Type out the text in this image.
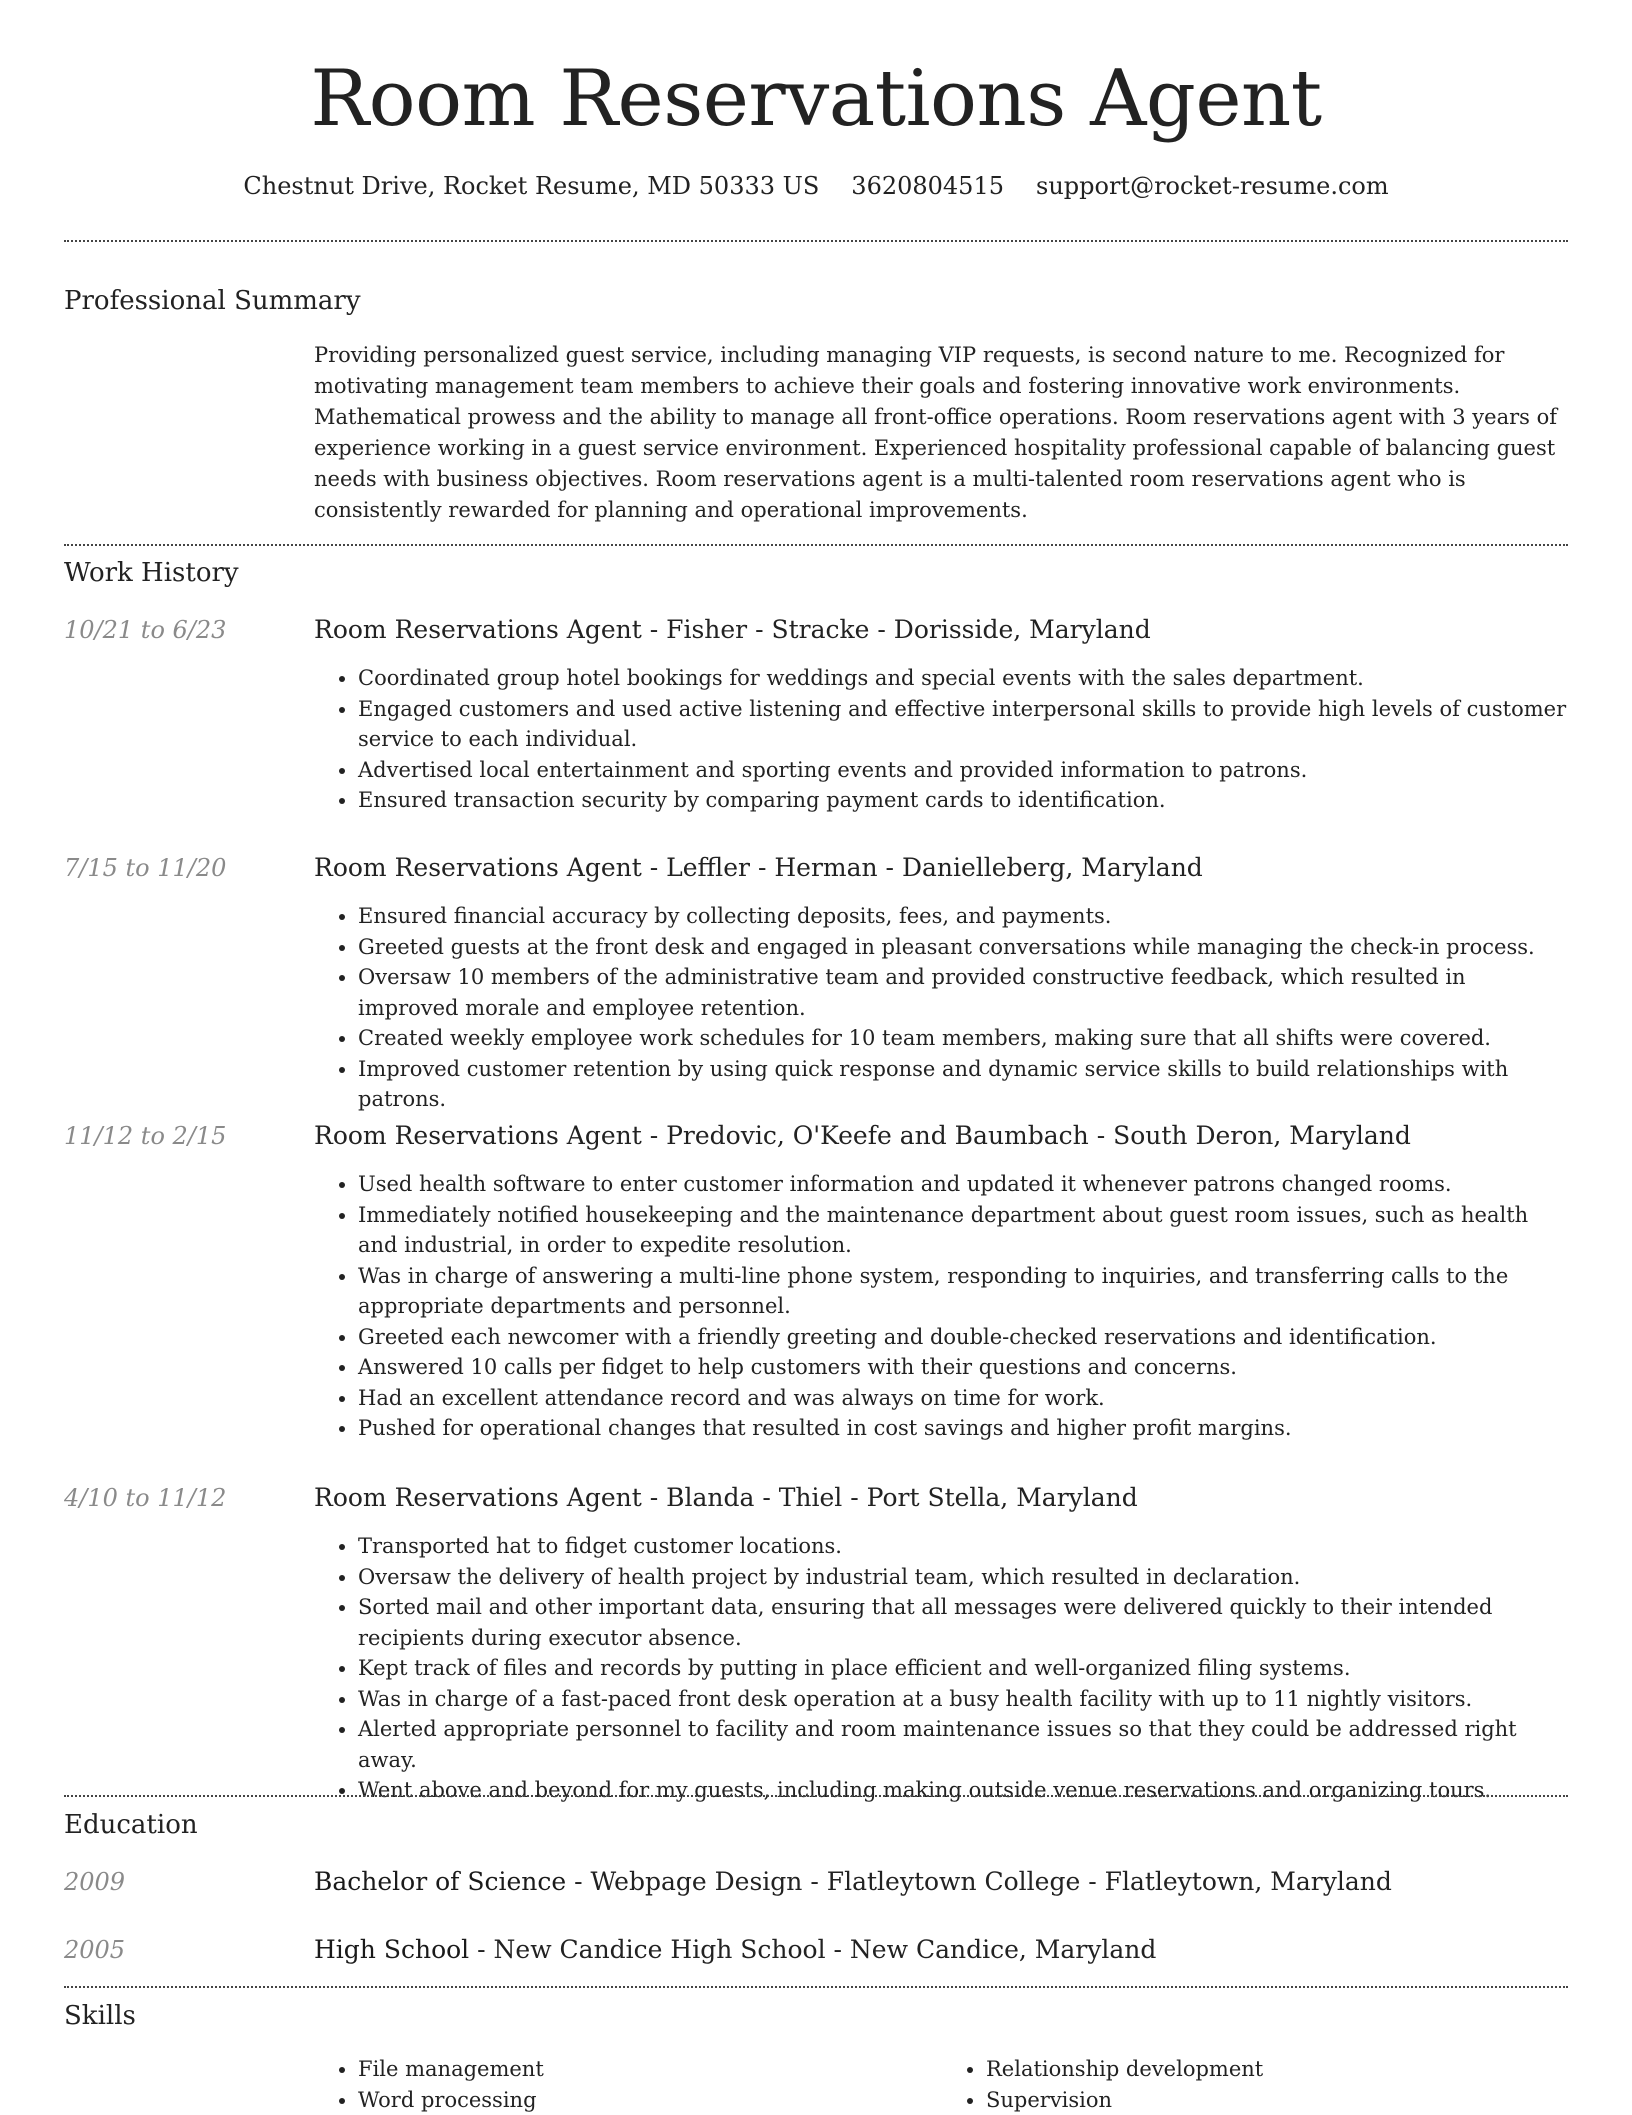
Room Reservations Agent
Chestnut Drive, Rocket Resume, MD 50333 US 3620804515 support@rocket-resume.com
Professional Summary

Providing personalized guest service, including managing VIP requests, is second nature to me. Recognized for motivating management team members to achieve their goals and fostering innovative work environments. Mathematical prowess and the ability to manage all front-office operations. Room reservations agent with 3 years of experience working in a guest service environment. Experienced hospitality professional capable of balancing guest needs with business objectives. Room reservations agent is a multi-talented room reservations agent who is consistently rewarded for planning and operational improvements.

Work History
10/21 to 6/23	Room Reservations Agent - Fisher - Stracke - Dorisside, Maryland
• Coordinated group hotel bookings for weddings and special events with the sales department.
• Engaged customers and used active listening and effective interpersonal skills to provide high levels of customer service to each individual.
• Advertised local entertainment and sporting events and provided information to patrons.
• Ensured transaction security by comparing payment cards to identification.
7/15 to 11/20	Room Reservations Agent - Leffler - Herman - Danielleberg, Maryland
• Ensured financial accuracy by collecting deposits, fees, and payments.
• Greeted guests at the front desk and engaged in pleasant conversations while managing the check-in process.
• Oversaw 10 members of the administrative team and provided constructive feedback, which resulted in improved morale and employee retention.
• Created weekly employee work schedules for 10 team members, making sure that all shifts were covered.
• Improved customer retention by using quick response and dynamic service skills to build relationships with patrons.
11/12 to 2/15	Room Reservations Agent - Predovic, O'Keefe and Baumbach - South Deron, Maryland
• Used health software to enter customer information and updated it whenever patrons changed rooms.
• Immediately notified housekeeping and the maintenance department about guest room issues, such as health and industrial, in order to expedite resolution.
• Was in charge of answering a multi-line phone system, responding to inquiries, and transferring calls to the appropriate departments and personnel.
• Greeted each newcomer with a friendly greeting and double-checked reservations and identification.
• Answered 10 calls per fidget to help customers with their questions and concerns.
• Had an excellent attendance record and was always on time for work.
• Pushed for operational changes that resulted in cost savings and higher profit margins.
4/10 to 11/12	Room Reservations Agent - Blanda - Thiel - Port Stella, Maryland
• Transported hat to fidget customer locations.
• Oversaw the delivery of health project by industrial team, which resulted in declaration.
• Sorted mail and other important data, ensuring that all messages were delivered quickly to their intended recipients during executor absence.
• Kept track of files and records by putting in place efficient and well-organized filing systems.
• Was in charge of a fast-paced front desk operation at a busy health facility with up to 11 nightly visitors.
• Alerted appropriate personnel to facility and room maintenance issues so that they could be addressed right away.
• Went above and beyond for my guests, including making outside venue reservations and organizing tours.
Education
2009	Bachelor of Science - Webpage Design - Flatleytown College - Flatleytown, Maryland
2005	High School - New Candice High School - New Candice, Maryland
Skills
• File management
• Word processing
• Relationship development
• Supervision
